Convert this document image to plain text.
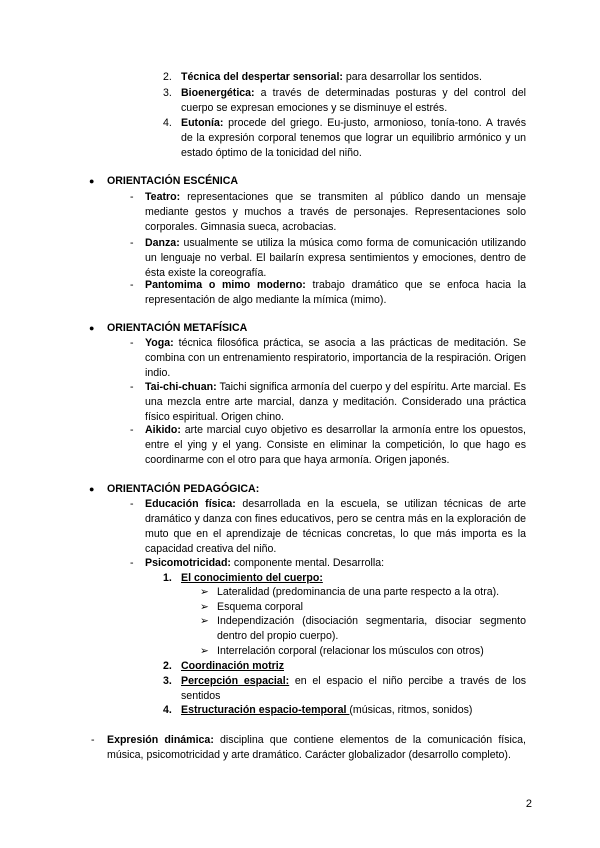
2. Técnica del despertar sensorial: para desarrollar los sentidos.
3. Bioenergética: a través de determinadas posturas y del control del cuerpo se expresan emociones y se disminuye el estrés.
4. Eutonía: procede del griego. Eu-justo, armonioso, tonía-tono. A través de la expresión corporal tenemos que lograr un equilibrio armónico y un estado óptimo de la tonicidad del niño.
● ORIENTACIÓN ESCÉNICA
- Teatro: representaciones que se transmiten al público dando un mensaje mediante gestos y muchos a través de personajes. Representaciones solo corporales. Gimnasia sueca, acrobacias.
- Danza: usualmente se utiliza la música como forma de comunicación utilizando un lenguaje no verbal. El bailarín expresa sentimientos y emociones, dentro de ésta existe la coreografía.
- Pantomima o mimo moderno: trabajo dramático que se enfoca hacia la representación de algo mediante la mímica (mimo).
● ORIENTACIÓN METAFÍSICA
- Yoga: técnica filosófica práctica, se asocia a las prácticas de meditación. Se combina con un entrenamiento respiratorio, importancia de la respiración. Origen indio.
- Tai-chi-chuan: Taichi significa armonía del cuerpo y del espíritu. Arte marcial. Es una mezcla entre arte marcial, danza y meditación. Considerado una práctica físico espiritual. Origen chino.
- Aikido: arte marcial cuyo objetivo es desarrollar la armonía entre los opuestos, entre el ying y el yang. Consiste en eliminar la competición, lo que hago es coordinarme con el otro para que haya armonía. Origen japonés.
● ORIENTACIÓN PEDAGÓGICA:
- Educación física: desarrollada en la escuela, se utilizan técnicas de arte dramático y danza con fines educativos, pero se centra más en la exploración de muto que en el aprendizaje de técnicas concretas, lo que más importa es la capacidad creativa del niño.
- Psicomotricidad: componente mental. Desarrolla:
1. El conocimiento del cuerpo:
➢ Lateralidad (predominancia de una parte respecto a la otra).
➢ Esquema corporal
➢ Independización (disociación segmentaria, disociar segmento dentro del propio cuerpo).
➢ Interrelación corporal (relacionar los músculos con otros)
2. Coordinación motriz
3. Percepción espacial: en el espacio el niño percibe a través de los sentidos
4. Estructuración espacio-temporal (músicas, ritmos, sonidos)
- Expresión dinámica: disciplina que contiene elementos de la comunicación física, música, psicomotricidad y arte dramático. Carácter globalizador (desarrollo completo).
2
